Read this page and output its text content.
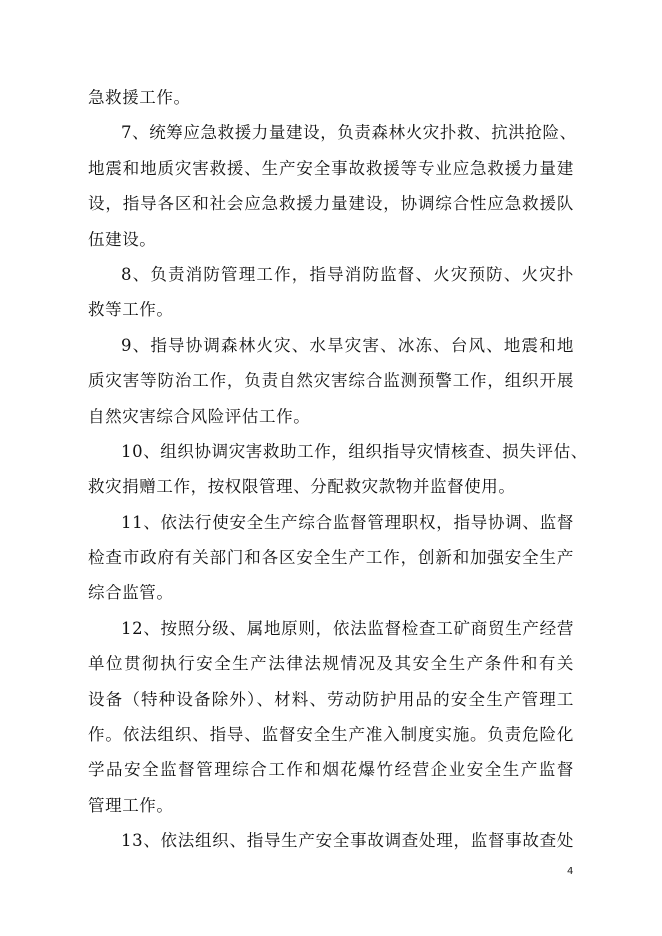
急救援工作。
7、统筹应急救援力量建设，负责森林火灾扑救、抗洪抢险、
地震和地质灾害救援、生产安全事故救援等专业应急救援力量建
设，指导各区和社会应急救援力量建设，协调综合性应急救援队
伍建设。
8、负责消防管理工作，指导消防监督、火灾预防、火灾扑
救等工作。
9、指导协调森林火灾、水旱灾害、冰冻、台风、地震和地
质灾害等防治工作，负责自然灾害综合监测预警工作，组织开展
自然灾害综合风险评估工作。
10、组织协调灾害救助工作，组织指导灾情核查、损失评估、
救灾捐赠工作，按权限管理、分配救灾款物并监督使用。
11、依法行使安全生产综合监督管理职权，指导协调、监督
检查市政府有关部门和各区安全生产工作，创新和加强安全生产
综合监管。
12、按照分级、属地原则，依法监督检查工矿商贸生产经营
单位贯彻执行安全生产法律法规情况及其安全生产条件和有关
设备（特种设备除外）、材料、劳动防护用品的安全生产管理工
作。依法组织、指导、监督安全生产准入制度实施。负责危险化
学品安全监督管理综合工作和烟花爆竹经营企业安全生产监督
管理工作。
13、依法组织、指导生产安全事故调查处理，监督事故查处
4
